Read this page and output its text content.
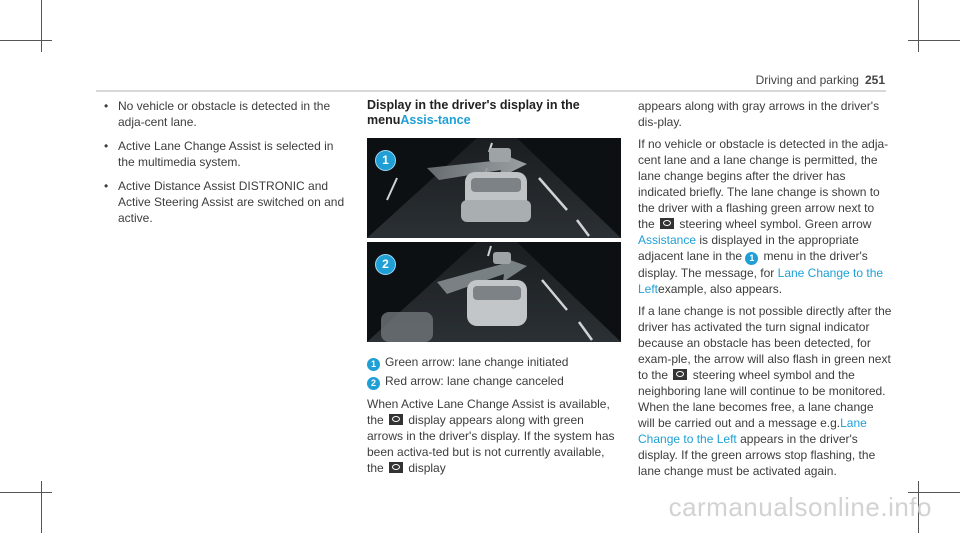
Driving and parking 251
• No vehicle or obstacle is detected in the adja-cent lane.
• Active Lane Change Assist is selected in the multimedia system.
• Active Distance Assist DISTRONIC and Active Steering Assist are switched on and active.
Display in the driver's display in the menuAssis-tance
1
2
1 Green arrow: lane change initiated
2 Red arrow: lane change canceled

When Active Lane Change Assist is available, the display appears along with green arrows in the driver's display. If the system has been activa-ted but is not currently available, the display

appears along with gray arrows in the driver's dis-play.

If no vehicle or obstacle is detected in the adja-cent lane and a lane change is permitted, the lane change begins after the driver has indicated briefly. The lane change is shown to the driver with a flashing green arrow next to the steering wheel symbol. Green arrow Assistance is displayed in the appropriate adjacent lane in the 1 menu in the driver's display. The message, for Lane Change to the Leftexample, also appears.

If a lane change is not possible directly after the driver has activated the turn signal indicator because an obstacle has been detected, for exam-ple, the arrow will also flash in green next to the steering wheel symbol and the neighboring lane will continue to be monitored. When the lane becomes free, a lane change will be carried out and a message e.g.Lane Change to the Left appears in the driver's display. If the green arrows stop flashing, the lane change must be activated again.

carmanualsonline.info
